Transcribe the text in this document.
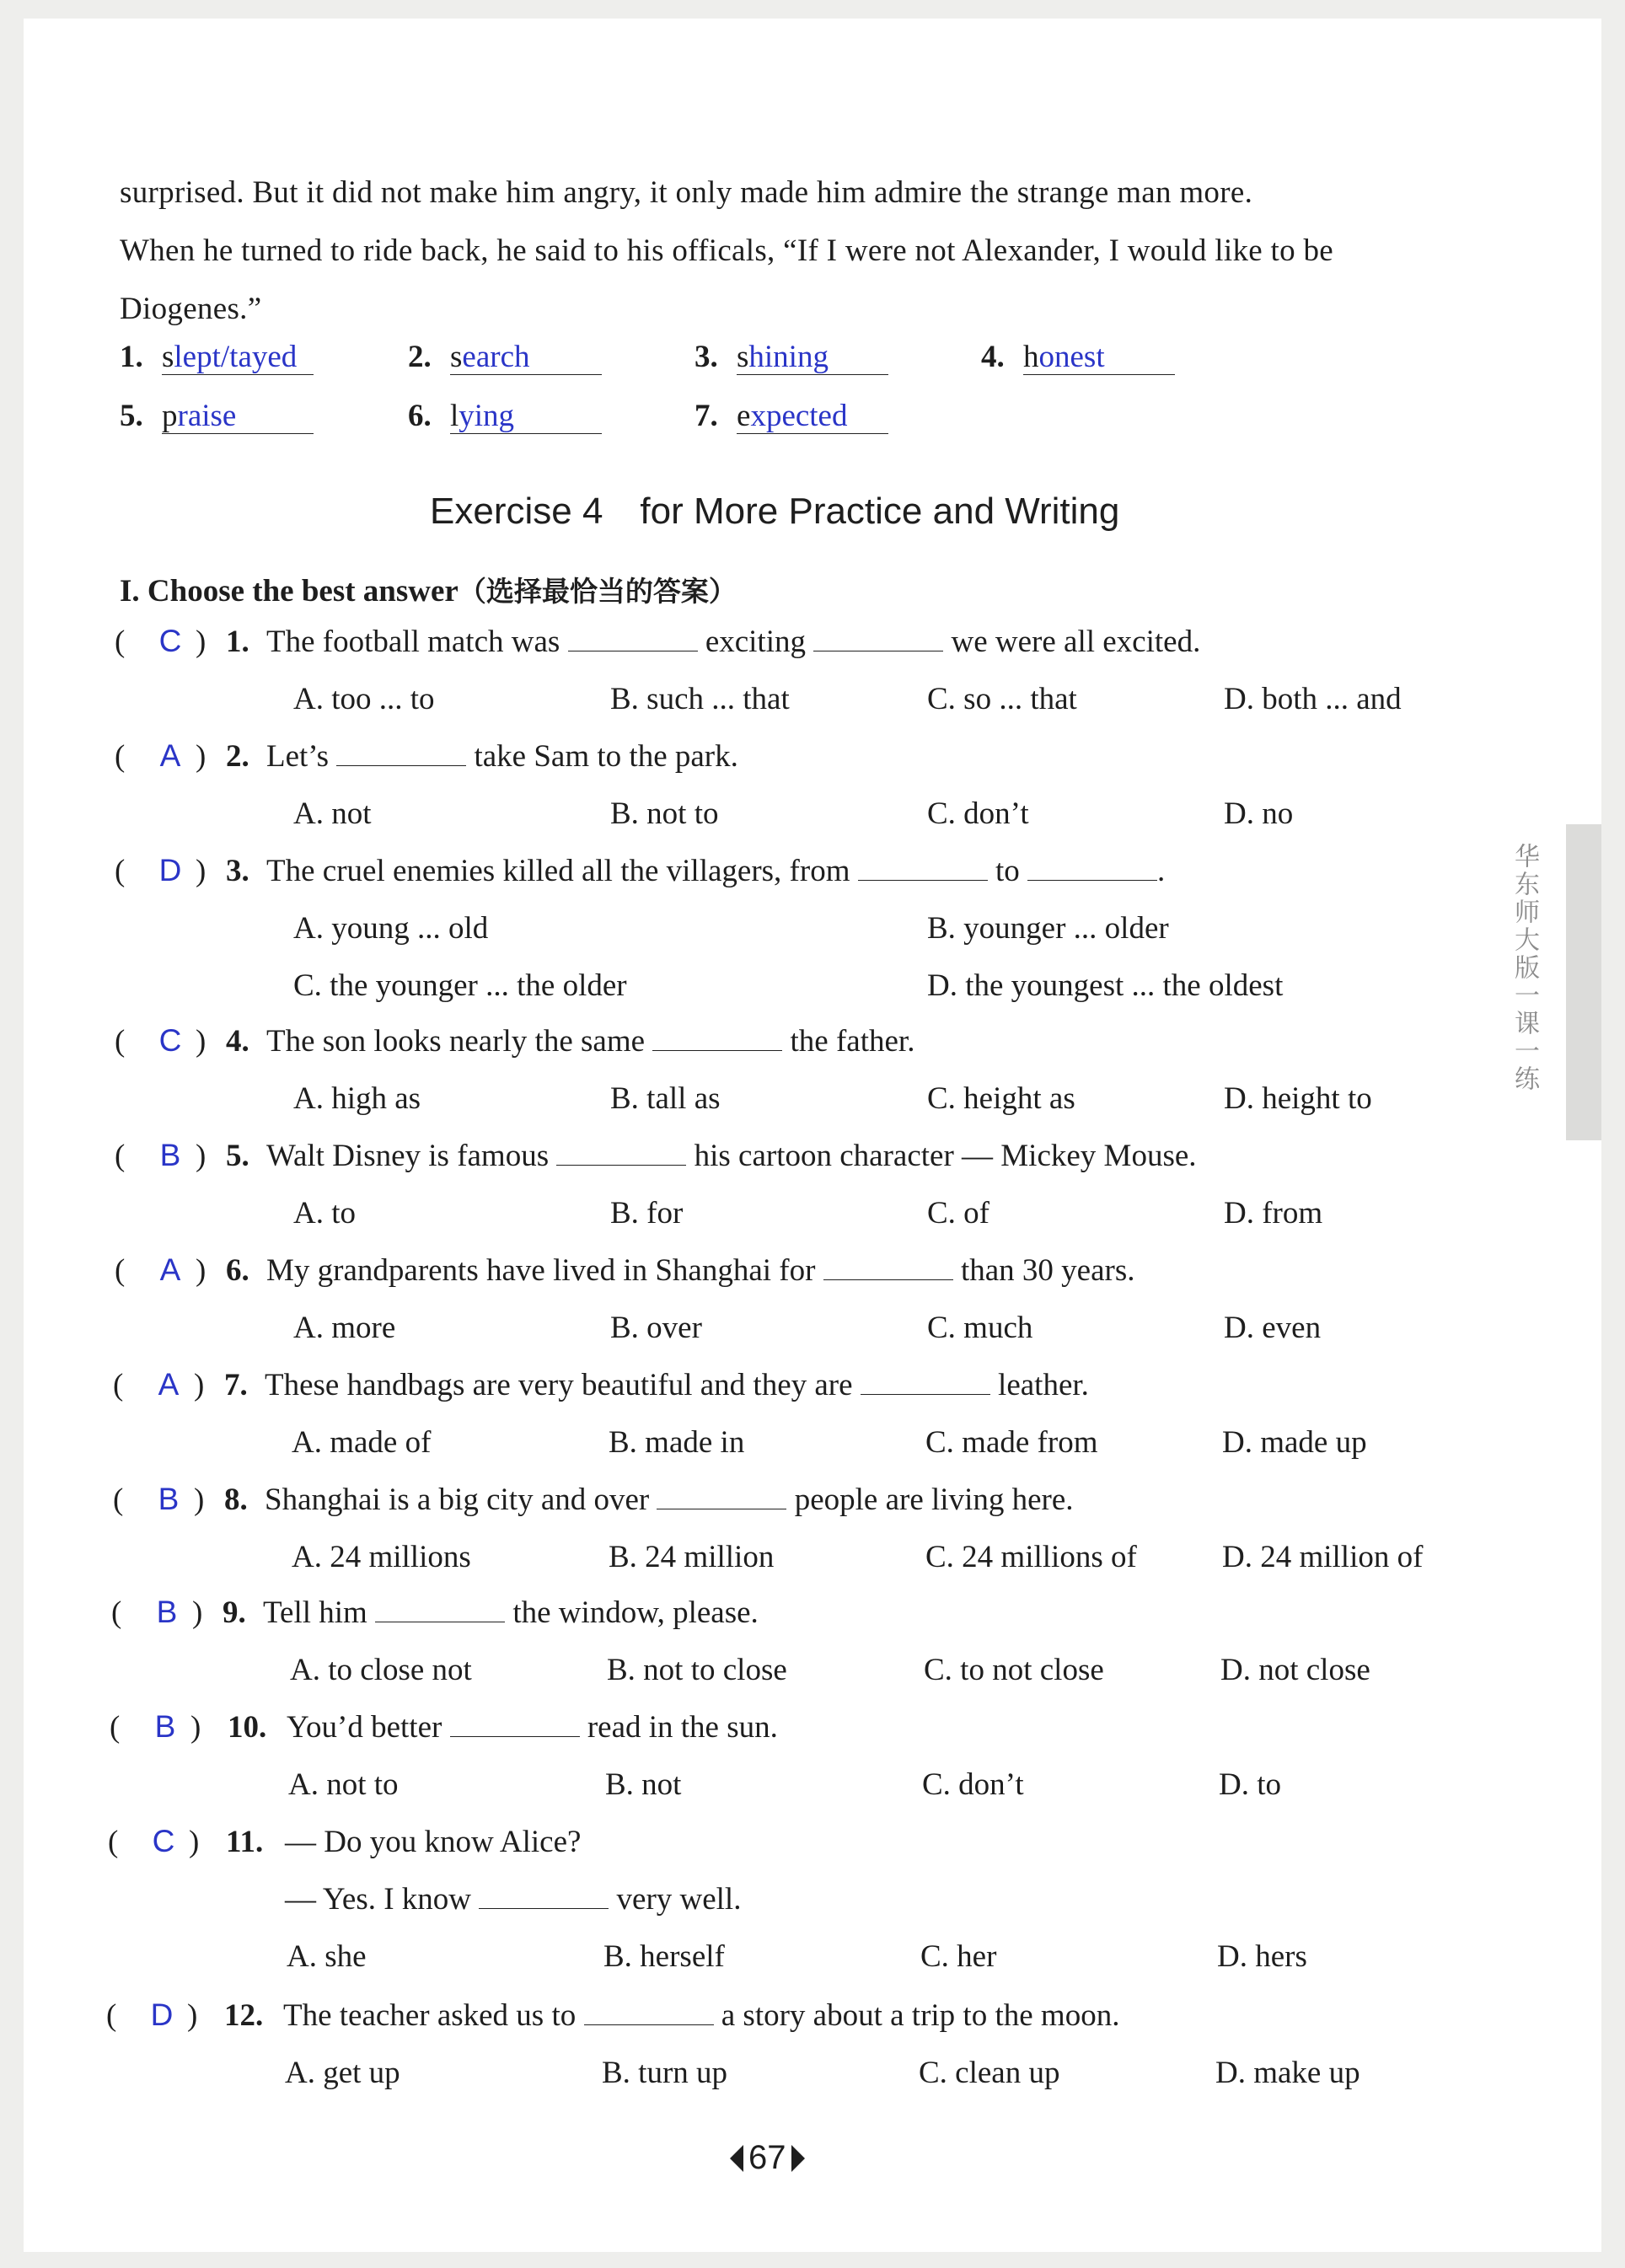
华东师大版一课一练
surprised. But it did not make him angry, it only made him admire the strange man more.
When he turned to ride back, he said to his officals, “If I were not Alexander, I would like to be
Diogenes.”
1. slept/tayed	2. search	3. shining	4. honest
5. praise	6. lying	7. expected
Exercise 4 for More Practice and Writing
I. Choose the best answer（选择最恰当的答案）
( C ) 1. The football match was	exciting	we were all excited.
A. too ... to	B. such ... that	C. so ... that	D. both ... and
( A ) 2. Let’s	take Sam to the park.
A. not	B. not to	C. don’t	D. no
( D ) 3. The cruel enemies killed all the villagers, from	to	.
A. young ... old	B. younger ... older
C. the younger ... the older	D. the youngest ... the oldest
( C ) 4. The son looks nearly the same	the father.
A. high as	B. tall as	C. height as	D. height to
( B ) 5. Walt Disney is famous	his cartoon character — Mickey Mouse.
A. to	B. for	C. of	D. from
( A ) 6. My grandparents have lived in Shanghai for	than 30 years.
A. more	B. over	C. much	D. even
( A ) 7. These handbags are very beautiful and they are	leather.
A. made of	B. made in	C. made from	D. made up
( B ) 8. Shanghai is a big city and over	people are living here.
A. 24 millions	B. 24 million	C. 24 millions of	D. 24 million of
( B ) 9. Tell him	the window, please.
A. to close not	B. not to close	C. to not close	D. not close
( B ) 10. You’d better	read in the sun.
A. not to	B. not	C. don’t	D. to
( C ) 11. — Do you know Alice?
— Yes. I know	very well.
A. she	B. herself	C. her	D. hers
( D ) 12. The teacher asked us to	a story about a trip to the moon.
A. get up	B. turn up	C. clean up	D. make up
67
